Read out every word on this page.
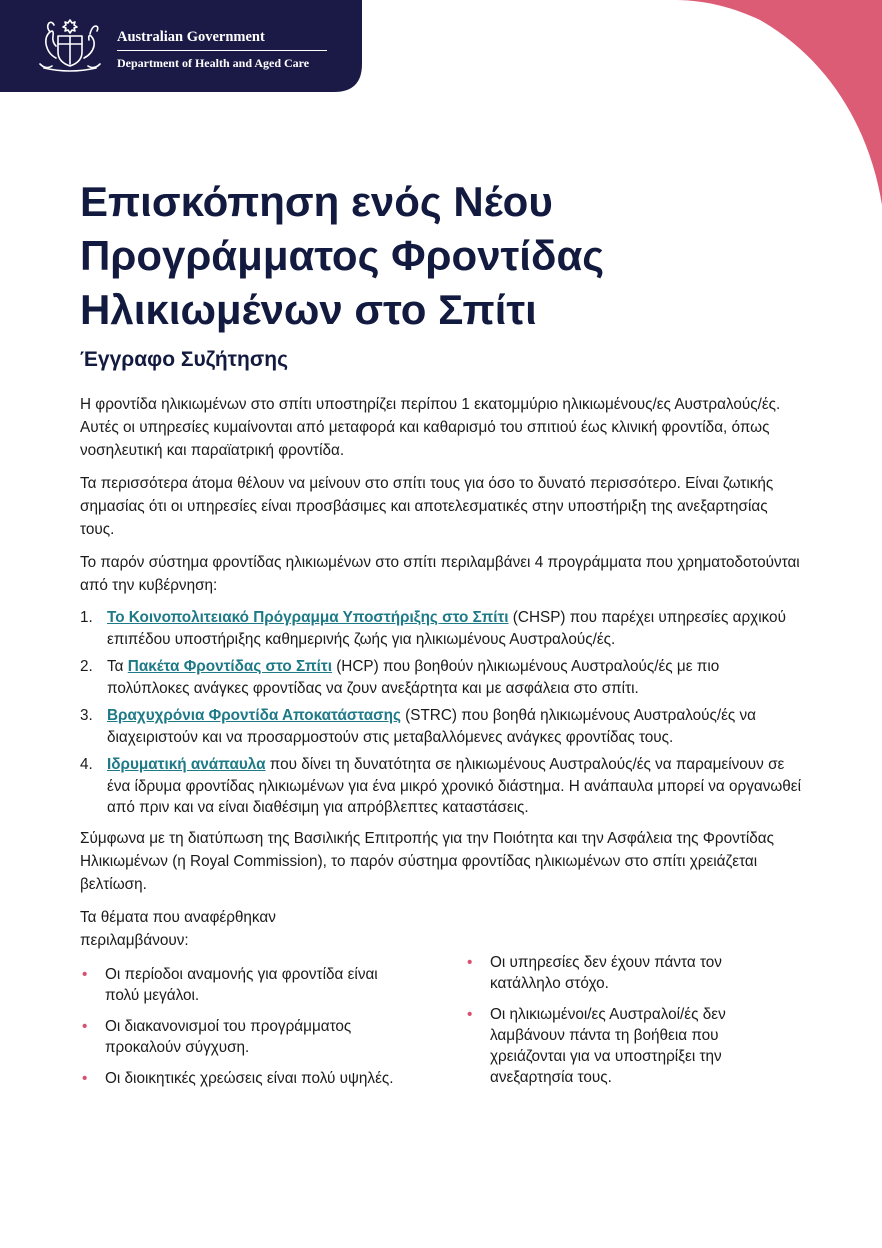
Australian Government
Department of Health and Aged Care
Επισκόπηση ενός Νέου
Προγράμματος Φροντίδας
Ηλικιωμένων στο Σπίτι
Έγγραφο Συζήτησης

Η φροντίδα ηλικιωμένων στο σπίτι υποστηρίζει περίπου 1 εκατομμύριο ηλικιωμένους/ες Αυστραλούς/ές. Αυτές οι υπηρεσίες κυμαίνονται από μεταφορά και καθαρισμό του σπιτιού έως κλινική φροντίδα, όπως νοσηλευτική και παραϊατρική φροντίδα.

Τα περισσότερα άτομα θέλουν να μείνουν στο σπίτι τους για όσο το δυνατό περισσότερο. Είναι ζωτικής σημασίας ότι οι υπηρεσίες είναι προσβάσιμες και αποτελεσματικές στην υποστήριξη της ανεξαρτησίας τους.

Το παρόν σύστημα φροντίδας ηλικιωμένων στο σπίτι περιλαμβάνει 4 προγράμματα που χρηματοδοτούνται από την κυβέρνηση:

1. Το Κοινοπολιτειακό Πρόγραμμα Υποστήριξης στο Σπίτι (CHSP) που παρέχει υπηρεσίες αρχικού επιπέδου υποστήριξης καθημερινής ζωής για ηλικιωμένους Αυστραλούς/ές.
2. Τα Πακέτα Φροντίδας στο Σπίτι (HCP) που βοηθούν ηλικιωμένους Αυστραλούς/ές με πιο πολύπλοκες ανάγκες φροντίδας να ζουν ανεξάρτητα και με ασφάλεια στο σπίτι.
3. Βραχυχρόνια Φροντίδα Αποκατάστασης (STRC) που βοηθά ηλικιωμένους Αυστραλούς/ές να διαχειριστούν και να προσαρμοστούν στις μεταβαλλόμενες ανάγκες φροντίδας τους.
4. Ιδρυματική ανάπαυλα που δίνει τη δυνατότητα σε ηλικιωμένους Αυστραλούς/ές να παραμείνουν σε ένα ίδρυμα φροντίδας ηλικιωμένων για ένα μικρό χρονικό διάστημα. Η ανάπαυλα μπορεί να οργανωθεί από πριν και να είναι διαθέσιμη για απρόβλεπτες καταστάσεις.

Σύμφωνα με τη διατύπωση της Βασιλικής Επιτροπής για την Ποιότητα και την Ασφάλεια της Φροντίδας Ηλικιωμένων (η Royal Commission), το παρόν σύστημα φροντίδας ηλικιωμένων στο σπίτι χρειάζεται βελτίωση.

Τα θέματα που αναφέρθηκαν περιλαμβάνουν:
• Οι περίοδοι αναμονής για φροντίδα είναι πολύ μεγάλοι.
• Οι διακανονισμοί του προγράμματος προκαλούν σύγχυση.
• Οι διοικητικές χρεώσεις είναι πολύ υψηλές.
• Οι υπηρεσίες δεν έχουν πάντα τον κατάλληλο στόχο.
• Οι ηλικιωμένοι/ες Αυστραλοί/ές δεν λαμβάνουν πάντα τη βοήθεια που χρειάζονται για να υποστηρίξει την ανεξαρτησία τους.
